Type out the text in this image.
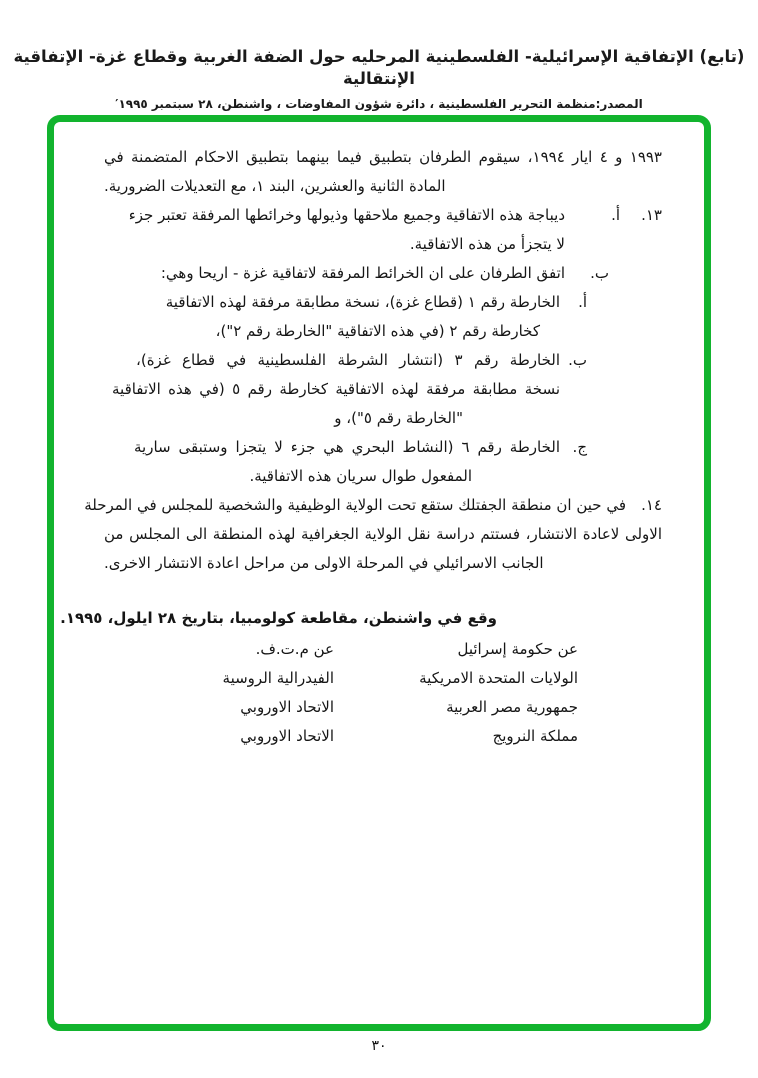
(تابع) الإتفاقية الإسرائيلية- الفلسطينية المرحليه حول الضفة الغربية وقطاع غزة- الإتفاقية الإنتقالية
المصدر:منظمة التحرير الفلسطينية ، دائرة شؤون المفاوضات ، واشنطن، ٢٨ سبتمبر ١٩٩٥′
١٩٩٣ و ٤ ايار ١٩٩٤، سيقوم الطرفان بتطبيق فيما بينهما بتطبيق الاحكام المتضمنة في
المادة الثانية والعشرين، البند ١، مع التعديلات الضرورية.
١٣.
أ.
ديباجة هذه الاتفاقية وجميع ملاحقها وذيولها وخرائطها المرفقة تعتبر جزء
لا يتجزأ من هذه الاتفاقية.
ب.
اتفق الطرفان على ان الخرائط المرفقة لاتفاقية غزة - اريحا وهي:
أ.
الخارطة رقم ١ (قطاع غزة)، نسخة مطابقة مرفقة لهذه الاتفاقية
كخارطة رقم ٢ (في هذه الاتفاقية "الخارطة رقم ٢")،
ب.
الخارطة رقم ٣ (انتشار الشرطة الفلسطينية في قطاع غزة)،
نسخة مطابقة مرفقة لهذه الاتفاقية كخارطة رقم ٥ (في هذه الاتفاقية
"الخارطة رقم ٥")، و
ج.
الخارطة رقم ٦ (النشاط البحري هي جزء لا يتجزا وستبقى سارية
المفعول طوال سريان هذه الاتفاقية.
١٤.
في حين ان منطقة الجفتلك ستقع تحت الولاية الوظيفية والشخصية للمجلس في المرحلة
الاولى لاعادة الانتشار، فستتم دراسة نقل الولاية الجغرافية لهذه المنطقة الى المجلس من
الجانب الاسرائيلي في المرحلة الاولى من مراحل اعادة الانتشار الاخرى.
وقع في واشنطن، مقاطعة كولومبيا، بتاريخ ٢٨ ايلول، ١٩٩٥.
عن حكومة إسرائيل
عن م.ت.ف.
الولايات المتحدة الامريكية
الفيدرالية الروسية
جمهورية مصر العربية
الاتحاد الاوروبي
مملكة النرويج
الاتحاد الاوروبي
٣٠
